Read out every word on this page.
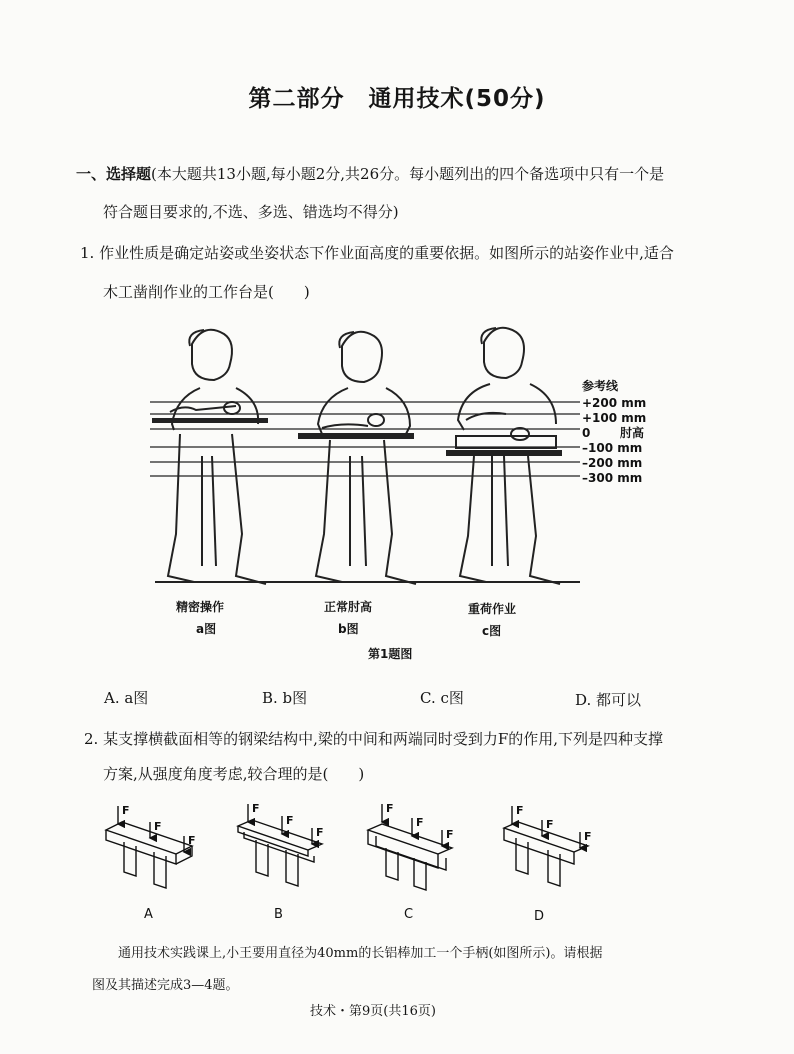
第二部分　通用技术(50分)
一、选择题(本大题共13小题,每小题2分,共26分。每小题列出的四个备选项中只有一个是
符合题目要求的,不选、多选、错选均不得分)
1. 作业性质是确定站姿或坐姿状态下作业面高度的重要依据。如图所示的站姿作业中,适合
木工凿削作业的工作台是(　　)
参考线
+200 mm
+100 mm
0 肘高
–100 mm
–200 mm
–300 mm
精密操作
a图
正常肘高
b图
重荷作业
c图
第1题图
A. a图	B. b图	C. c图	D. 都可以
2. 某支撑横截面相等的钢梁结构中,梁的中间和两端同时受到力F的作用,下列是四种支撑
方案,从强度角度考虑,较合理的是(　　)
F
F
F
F
F
F
F
F
F
F
F
F
A	B	C	D
通用技术实践课上,小王要用直径为40mm的长铝棒加工一个手柄(如图所示)。请根据
图及其描述完成3—4题。
技术・第9页(共16页)
